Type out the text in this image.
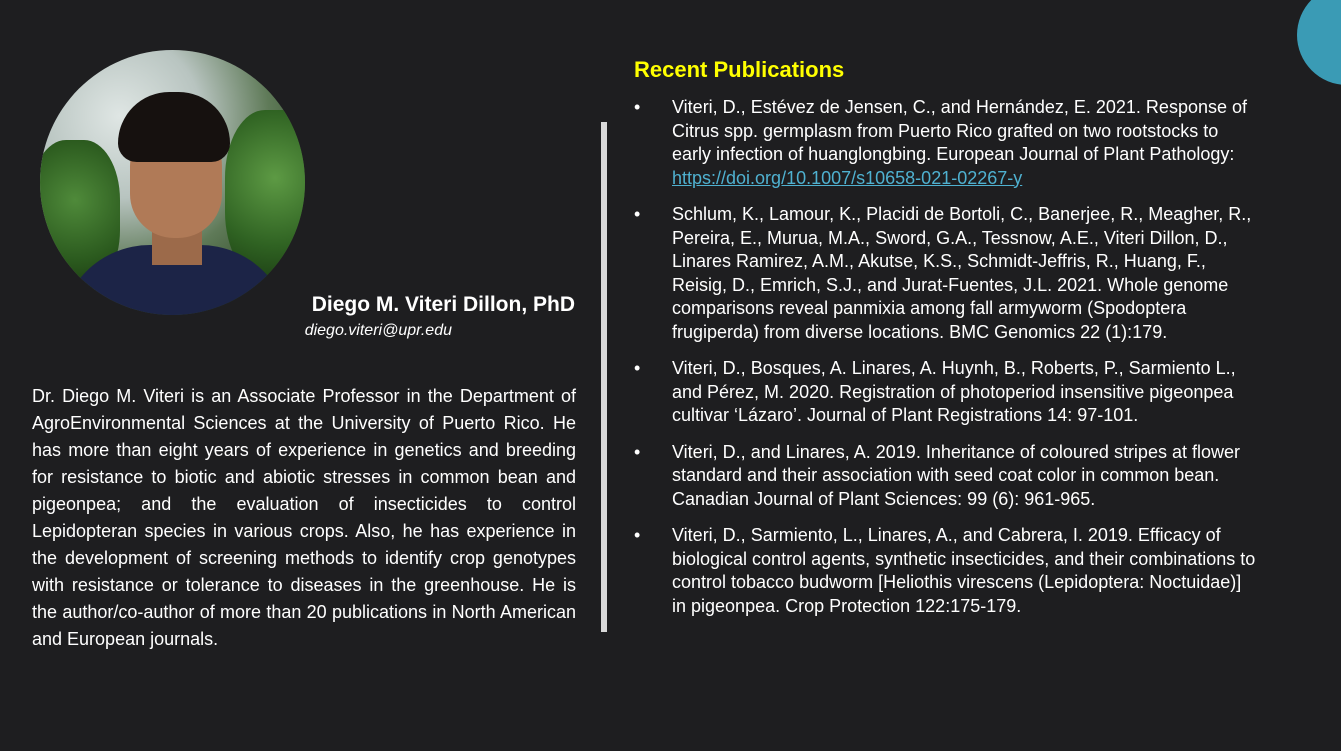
Diego M. Viteri Dillon, PhD

diego.viteri@upr.edu

Dr. Diego M. Viteri is an Associate Professor in the Department of AgroEnvironmental Sciences at the University of Puerto Rico. He has more than eight years of experience in genetics and breeding for resistance to biotic and abiotic stresses in common bean and pigeonpea; and the evaluation of insecticides to control Lepidopteran species in various crops. Also, he has experience in the development of screening methods to identify crop genotypes with resistance or tolerance to diseases in the greenhouse. He is the author/co-author of more than 20 publications in North American and European journals.

Recent Publications
• Viteri, D., Estévez de Jensen, C., and Hernández, E. 2021. Response of Citrus spp. germplasm from Puerto Rico grafted on two rootstocks to early infection of huanglongbing. European Journal of Plant Pathology: https://doi.org/10.1007/s10658-021-02267-y
• Schlum, K., Lamour, K., Placidi de Bortoli, C., Banerjee, R., Meagher, R., Pereira, E., Murua, M.A., Sword, G.A., Tessnow, A.E., Viteri Dillon, D., Linares Ramirez, A.M., Akutse, K.S., Schmidt-Jeffris, R., Huang, F., Reisig, D., Emrich, S.J., and Jurat-Fuentes, J.L. 2021. Whole genome comparisons reveal panmixia among fall armyworm (Spodoptera frugiperda) from diverse locations. BMC Genomics 22 (1):179.
• Viteri, D., Bosques, A. Linares, A. Huynh, B., Roberts, P., Sarmiento L., and Pérez, M. 2020. Registration of photoperiod insensitive pigeonpea cultivar ‘Lázaro’. Journal of Plant Registrations 14: 97-101.
• Viteri, D., and Linares, A. 2019. Inheritance of coloured stripes at flower standard and their association with seed coat color in common bean. Canadian Journal of Plant Sciences: 99 (6): 961-965.
• Viteri, D., Sarmiento, L., Linares, A., and Cabrera, I. 2019. Efficacy of biological control agents, synthetic insecticides, and their combinations to control tobacco budworm [Heliothis virescens (Lepidoptera: Noctuidae)] in pigeonpea. Crop Protection 122:175-179.
